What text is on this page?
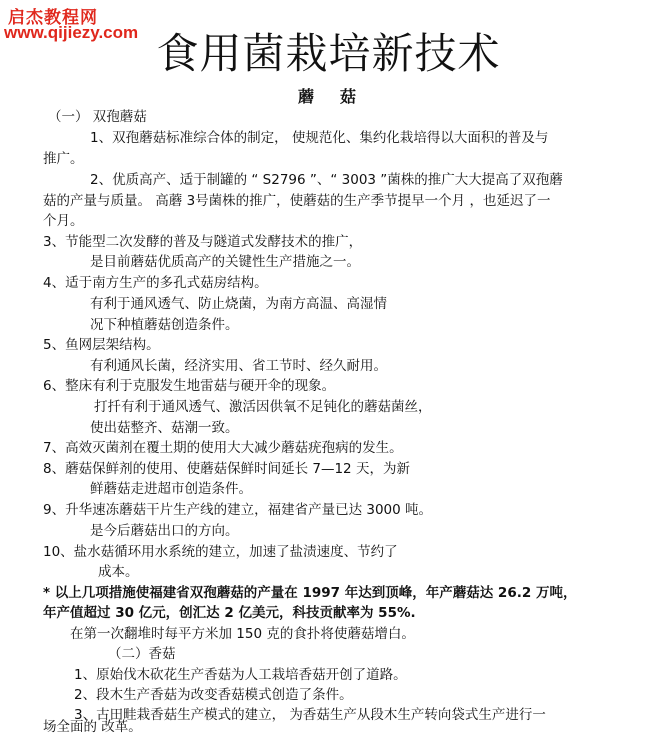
启杰教程网
www.qijiezy.com 食用菌栽培新技术
蘑菇
（一） 双孢蘑菇
1、双孢蘑菇标准综合体的制定， 使规范化、集约化栽培得以大面积的普及与
推广。
2、优质高产、适于制罐的 “ S2796 ”、“ 3003 ”菌株的推广大大提高了双孢蘑
菇的产量与质量。 高蘑 3号菌株的推广，使蘑菇的生产季节提早一个月 ，也延迟了一
个月。
3、节能型二次发酵的普及与隧道式发酵技术的推广，
是目前蘑菇优质高产的关键性生产措施之一。
4、适于南方生产的多孔式菇房结构。
有利于通风透气、防止烧菌，为南方高温、高湿情
况下种植蘑菇创造条件。
5、鱼网层架结构。
有利通风长菌，经济实用、省工节时、经久耐用。
6、整床有利于克服发生地雷菇与硬开伞的现象。
打扦有利于通风透气、激活因供氧不足钝化的蘑菇菌丝，
使出菇整齐、菇潮一致。
7、高效灭菌剂在覆土期的使用大大减少蘑菇疣孢病的发生。
8、蘑菇保鲜剂的使用、使蘑菇保鲜时间延长 7—12 天，为新
鲜蘑菇走进超市创造条件。
9、升华速冻蘑菇干片生产线的建立，福建省产量已达 3000 吨。
是今后蘑菇出口的方向。
10、盐水菇循环用水系统的建立，加速了盐渍速度、节约了
成本。
* 以上几项措施使福建省双孢蘑菇的产量在 1997 年达到顶峰，年产蘑菇达 26.2 万吨，
年产值超过 30 亿元，创汇达 2 亿美元，科技贡献率为 55%.
在第一次翻堆时每平方米加 150 克的食扑将使蘑菇增白。
（二）香菇
1、原始伐木砍花生产香菇为人工栽培香菇开创了道路。
2、段木生产香菇为改变香菇模式创造了条件。
3、古田畦栽香菇生产模式的建立， 为香菇生产从段木生产转向袋式生产进行一
场全面的 改革。
